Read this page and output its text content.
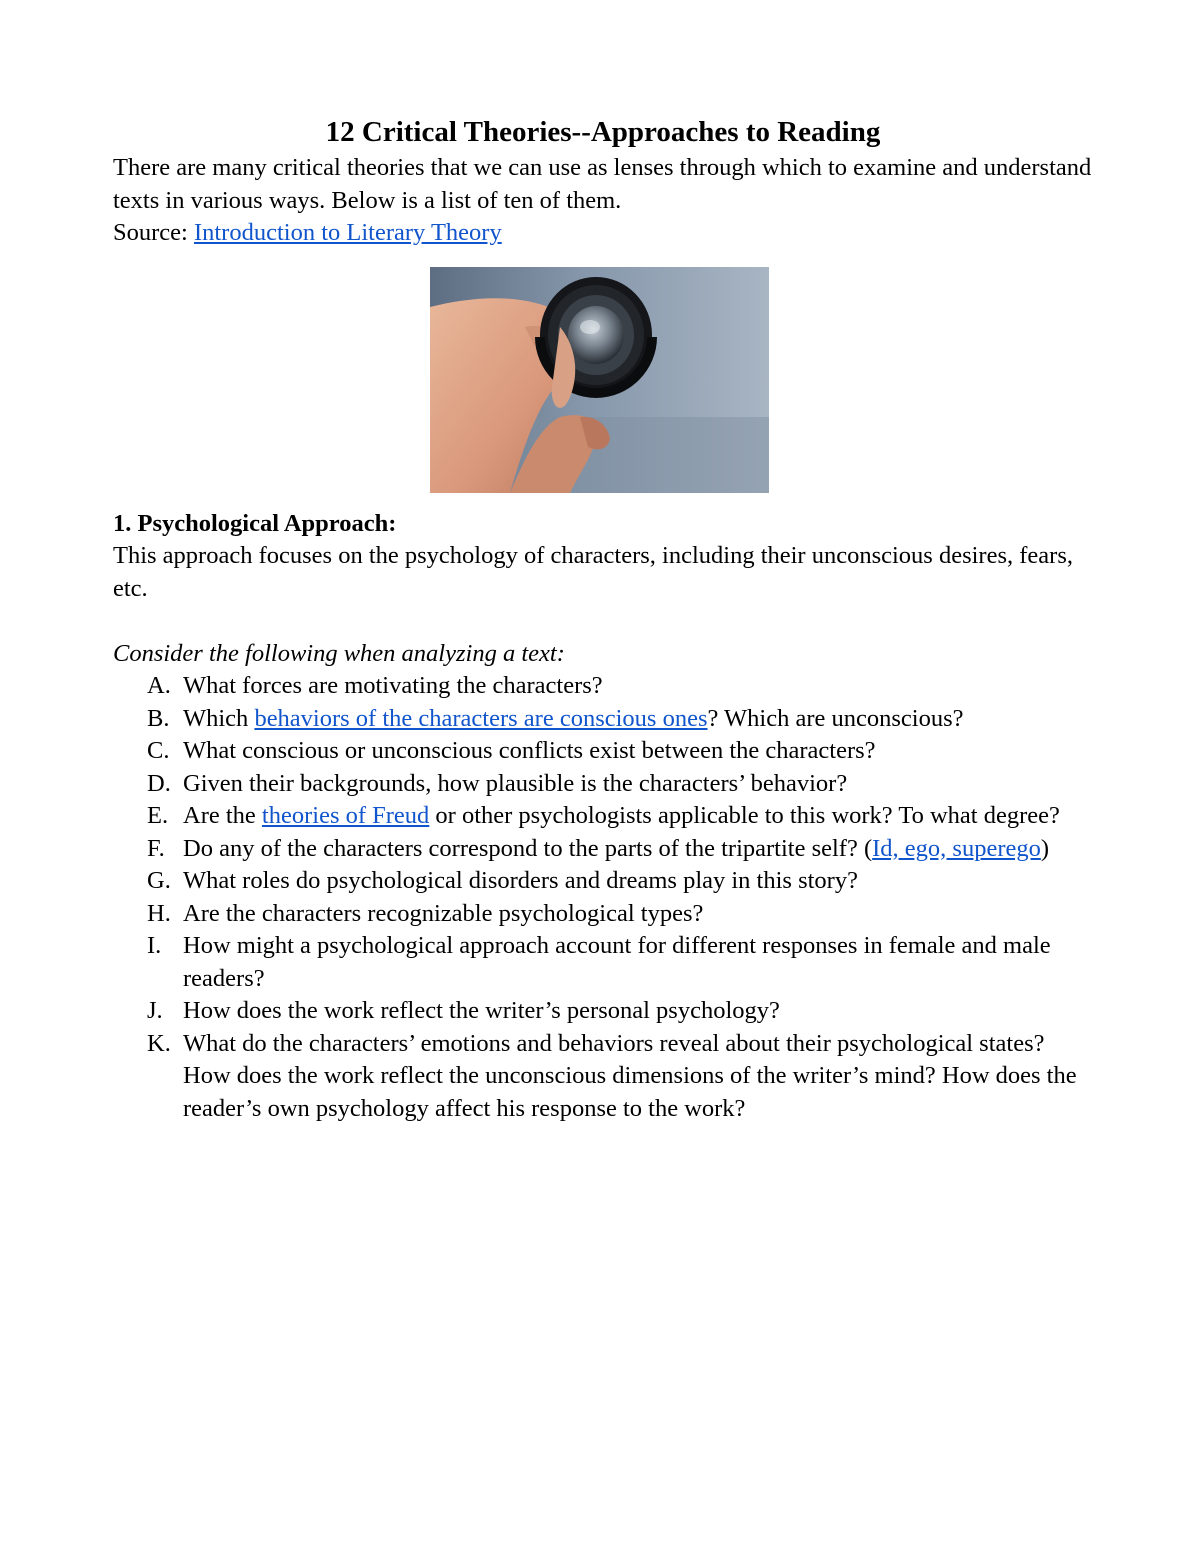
12 Critical Theories--Approaches to Reading

There are many critical theories that we can use as lenses through which to examine and understand texts in various ways. Below is a list of ten of them.
Source: Introduction to Literary Theory

1. Psychological Approach:
This approach focuses on the psychology of characters, including their unconscious desires, fears, etc.
Consider the following when analyzing a text:
A. What forces are motivating the characters?
B. Which behaviors of the characters are conscious ones? Which are unconscious?
C. What conscious or unconscious conflicts exist between the characters?
D. Given their backgrounds, how plausible is the characters’ behavior?
E. Are the theories of Freud or other psychologists applicable to this work? To what degree?
F. Do any of the characters correspond to the parts of the tripartite self? (Id, ego, superego)
G. What roles do psychological disorders and dreams play in this story?
H. Are the characters recognizable psychological types?
I. How might a psychological approach account for different responses in female and male readers?
J. How does the work reflect the writer’s personal psychology?
K. What do the characters’ emotions and behaviors reveal about their psychological states? How does the work reflect the unconscious dimensions of the writer’s mind? How does the reader’s own psychology affect his response to the work?
